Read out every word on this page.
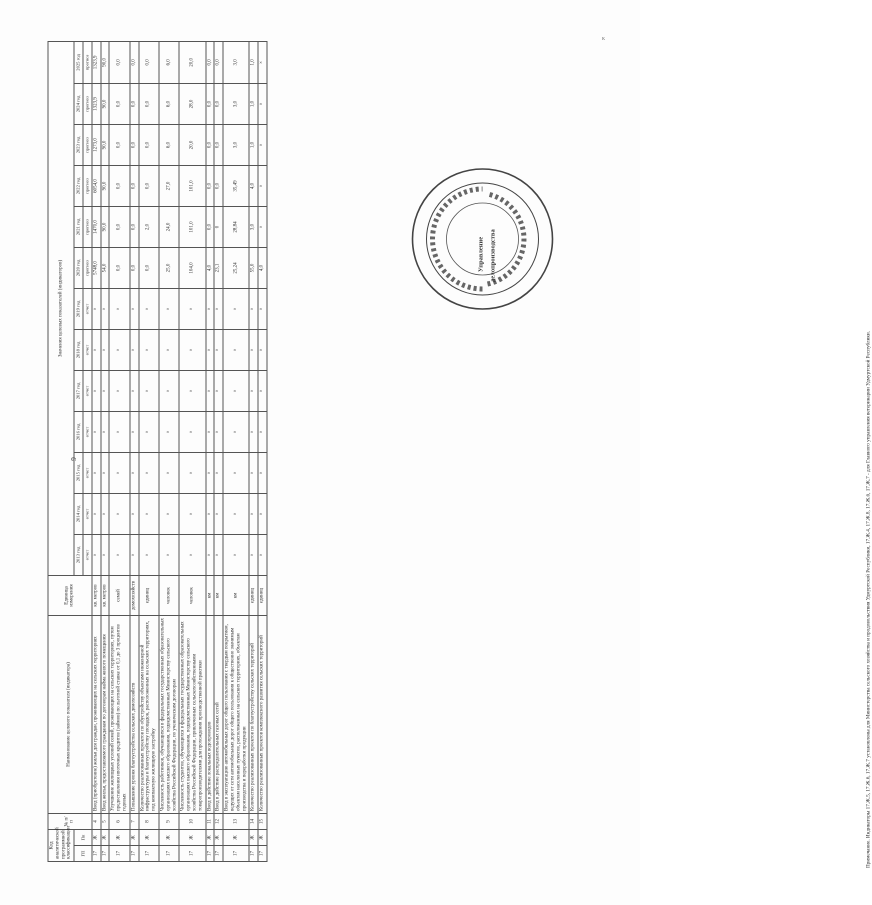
9
к
Код аналитической программной классификации		№ п/п	Наименование целевого показателя (индикатора)	Единица измерения	Значения целевых показателей (индикаторов)												
ГП	Пп				2013 год	2014 год	2015 год	2016 год	2017 год	2018 год	2019 год	2020 год	2021 год	2022 год	2023 год	2024 год	2025 год
					отчет	отчет	отчет	отчет	отчет	отчет	отчет	прогноз	прогноз	прогноз	прогноз	прогноз	прогноз
17	Ж	4	Ввод (приобретение) жилья для граждан, проживающих на сельских территориях	кв. метров	×	×	×	×	×	×	×	5748,0	1470,0	6054,0	1273,0	1323,9	1323,9
17	Ж	5	Ввод жилья, предоставляемого гражданам по договорам найма жилого помещения	кв. метров	×	×	×	×	×	×	×	54,0	90,0	90,0	90,0	90,0	90,0
17	Ж	6	Улучшение жилищных условий семей, проживающих на сельских территориях, путем предоставления ипотечных кредитов (займов) по льготной ставке от 0,1 до 3 процентов годовых	семей	×	×	×	×	×	×	×	0,0	0,0	0,0	0,0	0,0	0,0
17	Ж	7	Повышение уровня благоустройства сельских домохозяйств	домохозяйств	×	×	×	×	×	×	×	0,0	0,0	0,0	0,0	0,0	0,0
17	Ж	8	Количество реализованных проектов по обустройству объектами инженерной инфраструктуры и благоустройству площадок, расположенных на сельских территориях, под компактную жилищную застройку	единиц	×	×	×	×	×	×	×	0,0	2,0	0,0	0,0	0,0	0,0
17	Ж	9	Численность работников, обучающихся в федеральных государственных образовательных организациях высшего образования, подведомственных Министерству сельского хозяйства Российской Федерации, по ученическим договорам	человек	×	×	×	×	×	×	×	25,0	24,0	27,0	6,0	6,0	6,0
17	Ж	10	Численность студентов, обучающихся в федеральных государственных образовательных организациях высшего образования, подведомственных Министерству сельского хозяйства Российской Федерации, привлеченных сельскохозяйственными товаропроизводителями для прохождения производственной практики	человек	×	×	×	×	×	×	×	104,0	101,0	101,0	20,0	28,0	20,0
17	Ж	11	Ввод в действие локальных водопроводов	км	×	×	×	×	×	×	×	4,0	0,0	0,0	0,0	0,0	0,0
17	Ж	12	Ввод в действие распределительных газовых сетей	км	×	×	×	×	×	×	×	23,1	0	0,0	0,0	0,0	0,0
17	Ж	13	Ввод в эксплуатацию автомобильных дорог общего пользования с твердым покрытием, ведущих от сети автомобильных дорог общего пользования к общественно значимым объектам населенных пунктов, расположенных на сельских территориях, объектам производства и переработки продукции	км	×	×	×	×	×	×	×	25,24	28,84	35,49	3,0	3,0	3,0
17	Ж	14	Количество реализованных проектов по благоустройству сельских территорий	единиц	×	×	×	×	×	×	×	55,0	3,0	4,0	1,0	1,0	1,0
17	Ж	15	Количество реализованных проектов комплексного развития сельских территорий	единиц	×	×	×	×	×	×	×	4,0	×	×	×	×	×
Примечание. Индикаторы 17.Ж.5, 17.Ж.6, 17.Ж.7 установлены для Министерства сельского хозяйства и продовольствия Удмуртской Республики, 17.Ж.4, 17.Ж.8, 17.Ж.6, 17.Ж.7 - для Главного управления ветеринарии Удмуртской Республики.
Управление делопроизводства
